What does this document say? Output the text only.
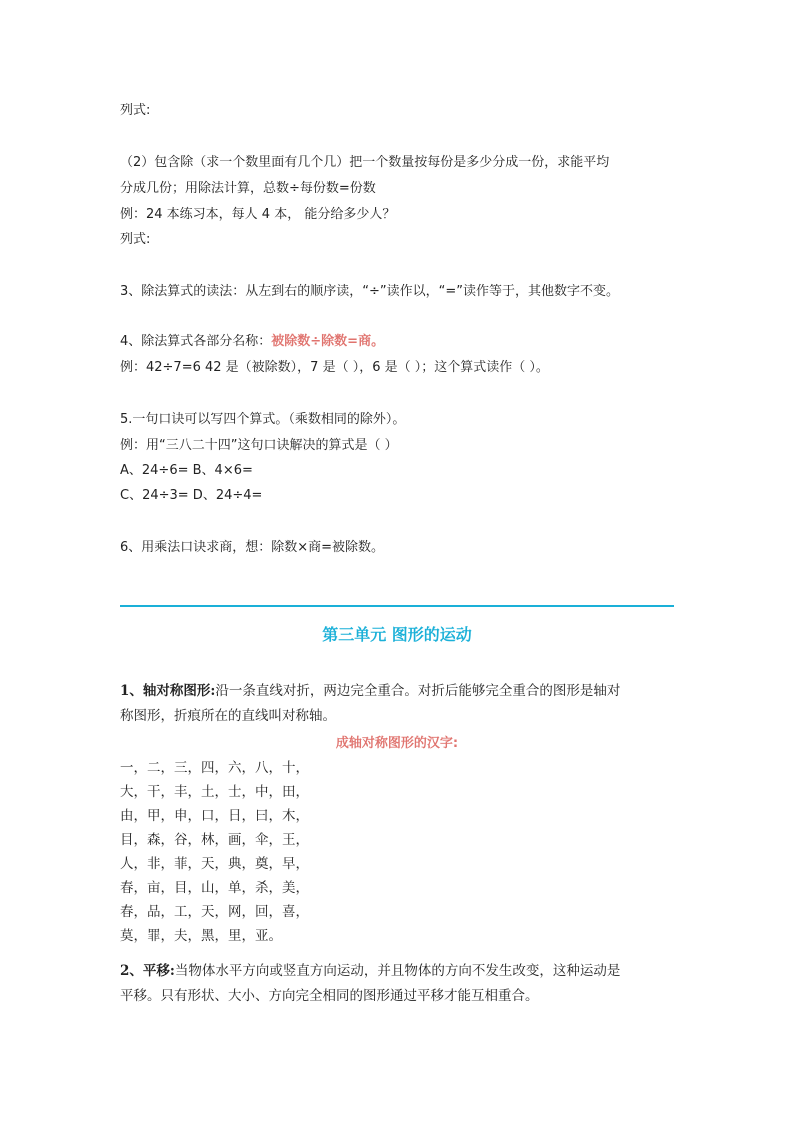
列式:
（2）包含除（求一个数里面有几个几）把一个数量按每份是多少分成一份，求能平均
分成几份；用除法计算，总数÷每份数=份数
例：24 本练习本，每人 4 本， 能分给多少人？
列式:
3、除法算式的读法：从左到右的顺序读，“÷”读作以，“=”读作等于，其他数字不变。
4、除法算式各部分名称：被除数÷除数=商。
例：42÷7=6 42 是（被除数），7 是（ ），6 是（ ）；这个算式读作（ ）。
5.一句口诀可以写四个算式。（乘数相同的除外）。
例：用“三八二十四”这句口诀解决的算式是（ ）
A、24÷6= B、4×6=
C、24÷3= D、24÷4=
6、用乘法口诀求商，想：除数×商=被除数。
第三单元 图形的运动
1、轴对称图形:沿一条直线对折，两边完全重合。对折后能够完全重合的图形是轴对
称图形，折痕所在的直线叫对称轴。
成轴对称图形的汉字:
一，二，三，四，六，八，十，
大，干，丰，土，士，中，田，
由，甲，申，口，日，曰，木，
目，森，谷，林，画，伞，王，
人，非，菲，天，典，奠，早，
春，亩，目，山，单，杀，美，
春，品，工，天，网，回，喜，
莫，罪，夫，黑，里，亚。
2、平移:当物体水平方向或竖直方向运动，并且物体的方向不发生改变，这种运动是
平移。只有形状、大小、方向完全相同的图形通过平移才能互相重合。
